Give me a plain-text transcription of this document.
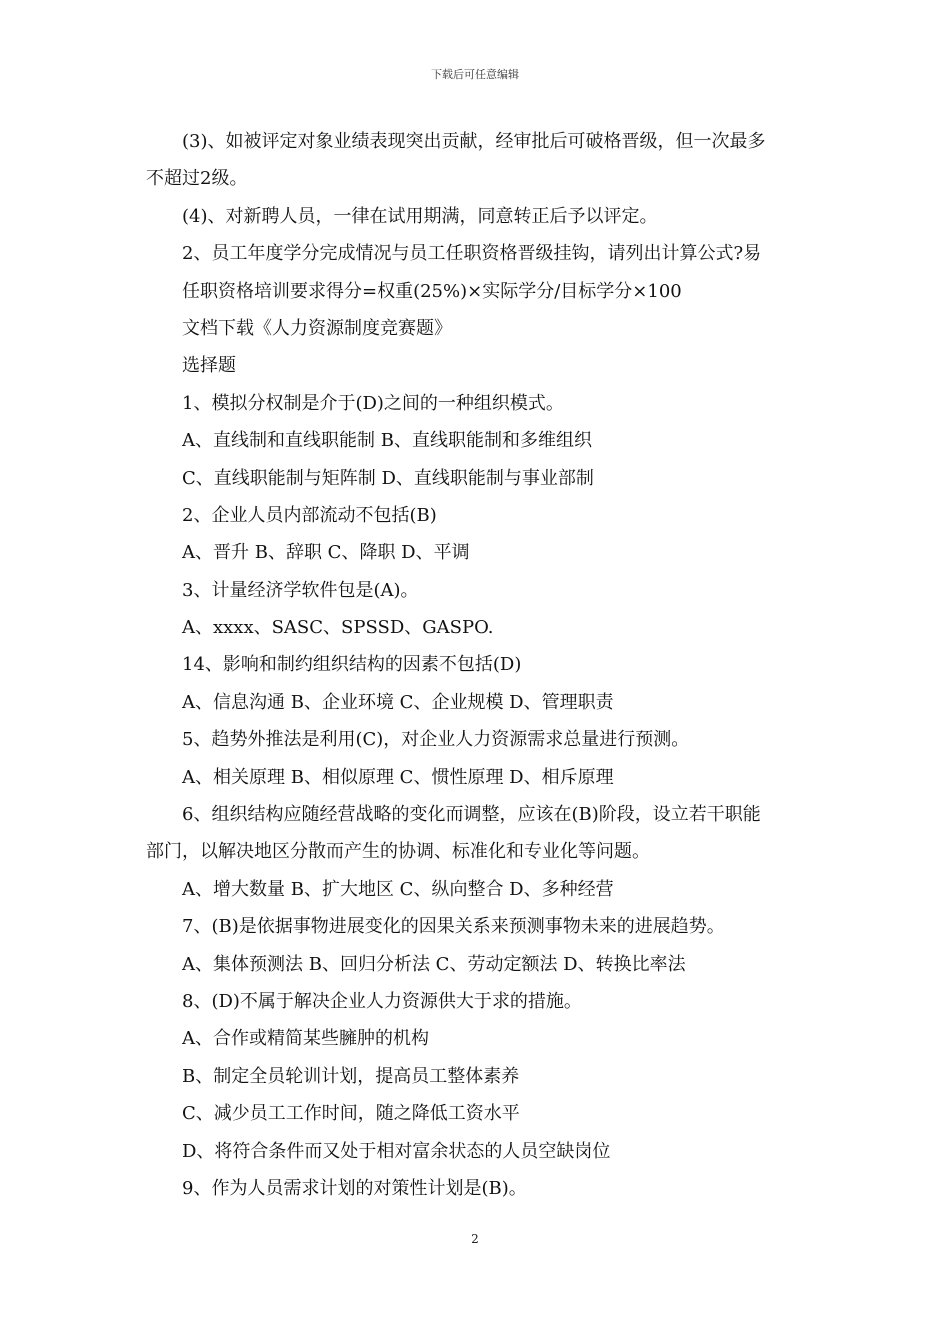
下载后可任意编辑
(3)、如被评定对象业绩表现突出贡献，经审批后可破格晋级，但一次最多
不超过2级。
(4)、对新聘人员，一律在试用期满，同意转正后予以评定。
2、员工年度学分完成情况与员工任职资格晋级挂钩，请列出计算公式?易
任职资格培训要求得分=权重(25%)×实际学分/目标学分×100
文档下载《人力资源制度竞赛题》
选择题
1、模拟分权制是介于(D)之间的一种组织模式。
A、直线制和直线职能制 B、直线职能制和多维组织
C、直线职能制与矩阵制 D、直线职能制与事业部制
2、企业人员内部流动不包括(B)
A、晋升 B、辞职 C、降职 D、平调
3、计量经济学软件包是(A)。
A、xxxx、SASC、SPSSD、GASPO.
14、影响和制约组织结构的因素不包括(D)
A、信息沟通 B、企业环境 C、企业规模 D、管理职责
5、趋势外推法是利用(C)，对企业人力资源需求总量进行预测。
A、相关原理 B、相似原理 C、惯性原理 D、相斥原理
6、组织结构应随经营战略的变化而调整，应该在(B)阶段，设立若干职能
部门，以解决地区分散而产生的协调、标准化和专业化等问题。
A、增大数量 B、扩大地区 C、纵向整合 D、多种经营
7、(B)是依据事物进展变化的因果关系来预测事物未来的进展趋势。
A、集体预测法 B、回归分析法 C、劳动定额法 D、转换比率法
8、(D)不属于解决企业人力资源供大于求的措施。
A、合作或精简某些臃肿的机构
B、制定全员轮训计划，提高员工整体素养
C、减少员工工作时间，随之降低工资水平
D、将符合条件而又处于相对富余状态的人员空缺岗位
9、作为人员需求计划的对策性计划是(B)。
2
